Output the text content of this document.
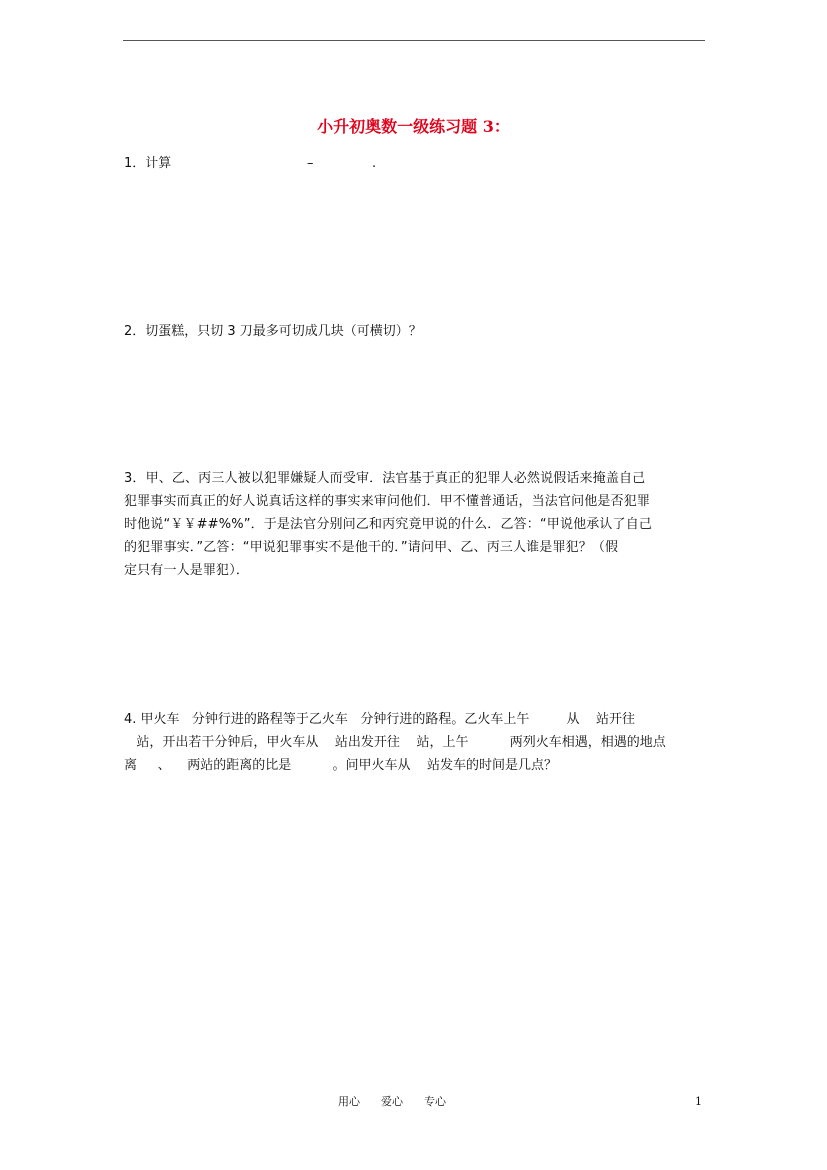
小升初奥数一级练习题 3：
1．计算	–	.
2．切蛋糕，只切 3 刀最多可切成几块（可横切）？
3．甲、乙、丙三人被以犯罪嫌疑人而受审．法官基于真正的犯罪人必然说假话来掩盖自己
犯罪事实而真正的好人说真话这样的事实来审问他们．甲不懂普通话，当法官问他是否犯罪
时他说“￥￥##%%”．于是法官分别问乙和丙究竟甲说的什么．乙答：“甲说他承认了自己
的犯罪事实．”乙答：“甲说犯罪事实不是他干的．”请问甲、乙、丙三人谁是罪犯？（假
定只有一人是罪犯）．
4. 甲火车   分钟行进的路程等于乙火车   分钟行进的路程。乙火车上午         从    站开往
站，开出若干分钟后，甲火车从    站出发开往    站，上午          两列火车相遇，相遇的地点
离     、    两站的距离的比是          。问甲火车从    站发车的时间是几点？
用心      爱心      专心	1
